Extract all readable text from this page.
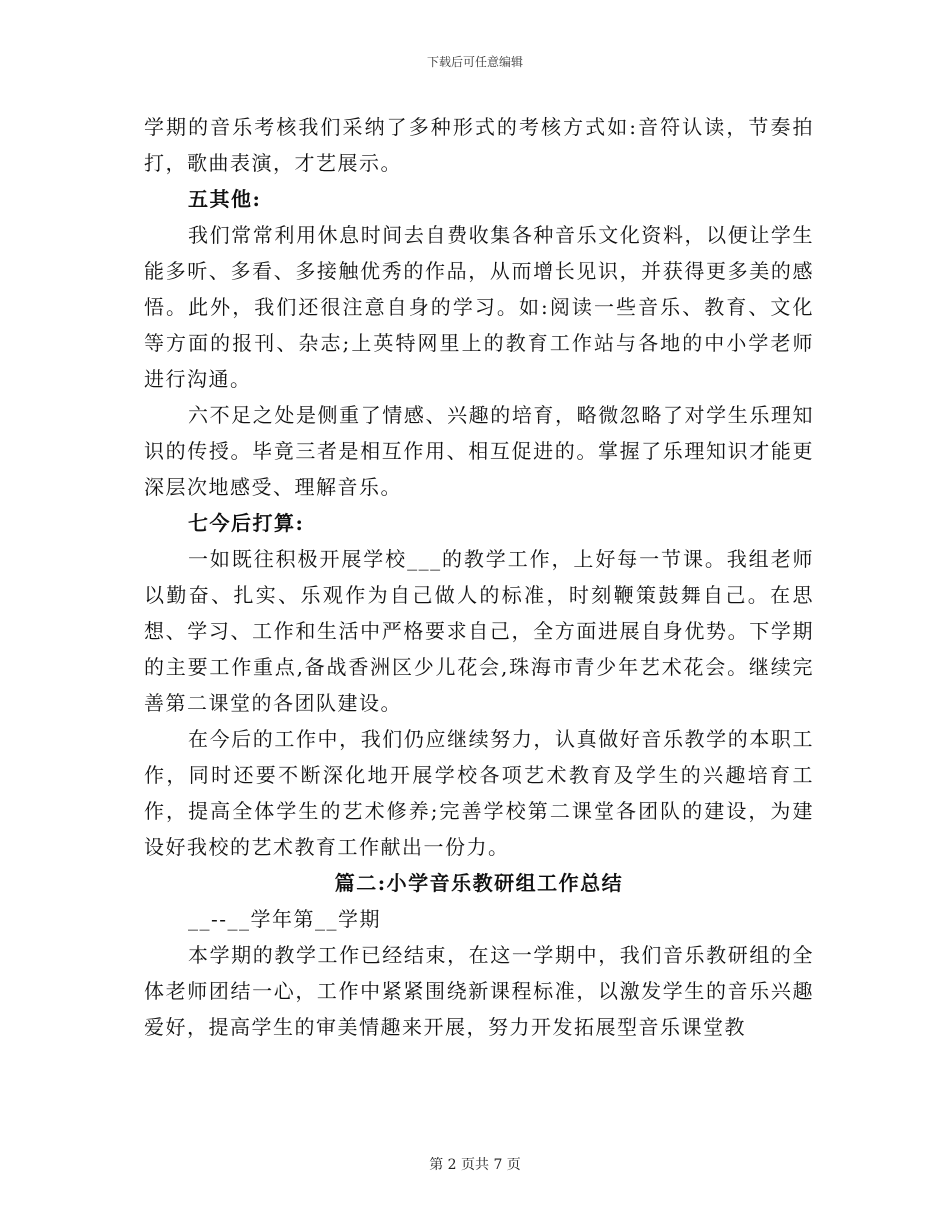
下载后可任意编辑

学期的音乐考核我们采纳了多种形式的考核方式如:音符认读，节奏拍打，歌曲表演，才艺展示。

五其他:

我们常常利用休息时间去自费收集各种音乐文化资料，以便让学生能多听、多看、多接触优秀的作品，从而增长见识，并获得更多美的感悟。此外，我们还很注意自身的学习。如:阅读一些音乐、教育、文化等方面的报刊、杂志;上英特网里上的教育工作站与各地的中小学老师进行沟通。

六不足之处是侧重了情感、兴趣的培育，略微忽略了对学生乐理知识的传授。毕竟三者是相互作用、相互促进的。掌握了乐理知识才能更深层次地感受、理解音乐。

七今后打算:

一如既往积极开展学校___的教学工作，上好每一节课。我组老师以勤奋、扎实、乐观作为自己做人的标准，时刻鞭策鼓舞自己。在思想、学习、工作和生活中严格要求自己，全方面进展自身优势。下学期的主要工作重点,备战香洲区少儿花会,珠海市青少年艺术花会。继续完善第二课堂的各团队建设。

在今后的工作中，我们仍应继续努力，认真做好音乐教学的本职工作，同时还要不断深化地开展学校各项艺术教育及学生的兴趣培育工作，提高全体学生的艺术修养;完善学校第二课堂各团队的建设，为建设好我校的艺术教育工作献出一份力。

篇二:小学音乐教研组工作总结

__--__学年第__学期

本学期的教学工作已经结束，在这一学期中，我们音乐教研组的全体老师团结一心，工作中紧紧围绕新课程标准，以激发学生的音乐兴趣爱好，提高学生的审美情趣来开展，努力开发拓展型音乐课堂教

第 2 页共 7 页
